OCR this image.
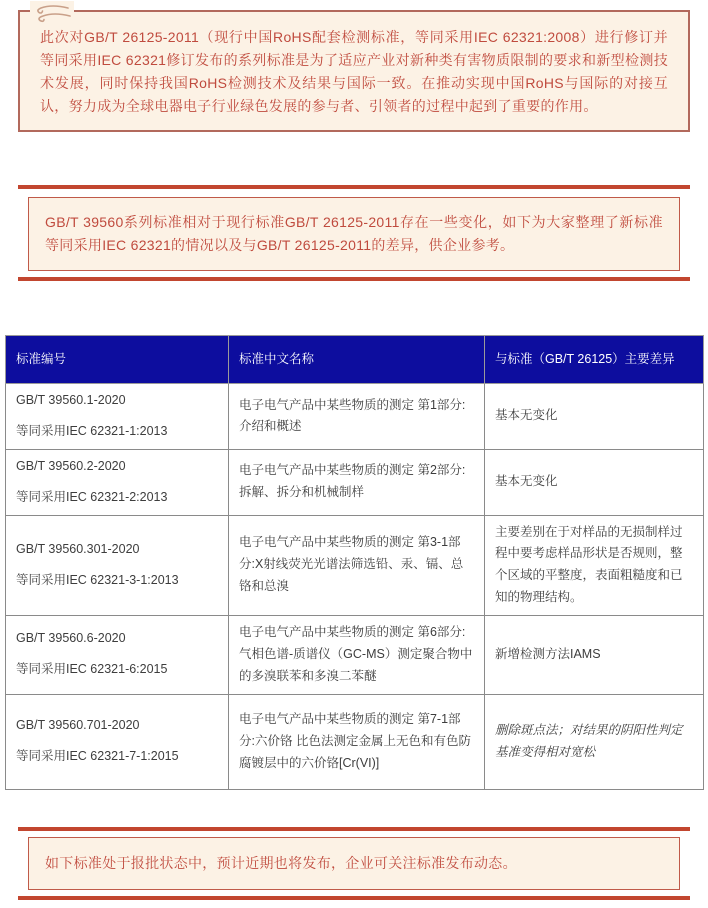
此次对GB/T 26125-2011（现行中国RoHS配套检测标准，等同采用IEC 62321:2008）进行修订并等同采用IEC 62321修订发布的系列标准是为了适应产业对新种类有害物质限制的要求和新型检测技术发展，同时保持我国RoHS检测技术及结果与国际一致。在推动实现中国RoHS与国际的对接互认，努力成为全球电器电子行业绿色发展的参与者、引领者的过程中起到了重要的作用。

GB/T 39560系列标准相对于现行标准GB/T 26125-2011存在一些变化，如下为大家整理了新标准等同采用IEC 62321的情况以及与GB/T 26125-2011的差异，供企业参考。

标准编号	标准中文名称	与标准（GB/T 26125）主要差异

GB/T 39560.1-2020
等同采用IEC 62321-1:2013	电子电气产品中某些物质的测定 第1部分:介绍和概述	基本无变化

GB/T 39560.2-2020
等同采用IEC 62321-2:2013	电子电气产品中某些物质的测定 第2部分:拆解、拆分和机械制样	基本无变化

GB/T 39560.301-2020
等同采用IEC 62321-3-1:2013	电子电气产品中某些物质的测定 第3-1部分:X射线荧光光谱法筛选铅、汞、镉、总铬和总溴	主要差别在于对样品的无损制样过程中要考虑样品形状是否规则，整个区域的平整度，表面粗糙度和已知的物理结构。

GB/T 39560.6-2020
等同采用IEC 62321-6:2015	电子电气产品中某些物质的测定 第6部分:气相色谱-质谱仪（GC-MS）测定聚合物中的多溴联苯和多溴二苯醚	新增检测方法IAMS

GB/T 39560.701-2020
等同采用IEC 62321-7-1:2015	电子电气产品中某些物质的测定 第7-1部分:六价铬 比色法测定金属上无色和有色防腐镀层中的六价铬[Cr(VI)]	删除斑点法；对结果的阴阳性判定基准变得相对宽松

如下标准处于报批状态中，预计近期也将发布，企业可关注标准发布动态。
